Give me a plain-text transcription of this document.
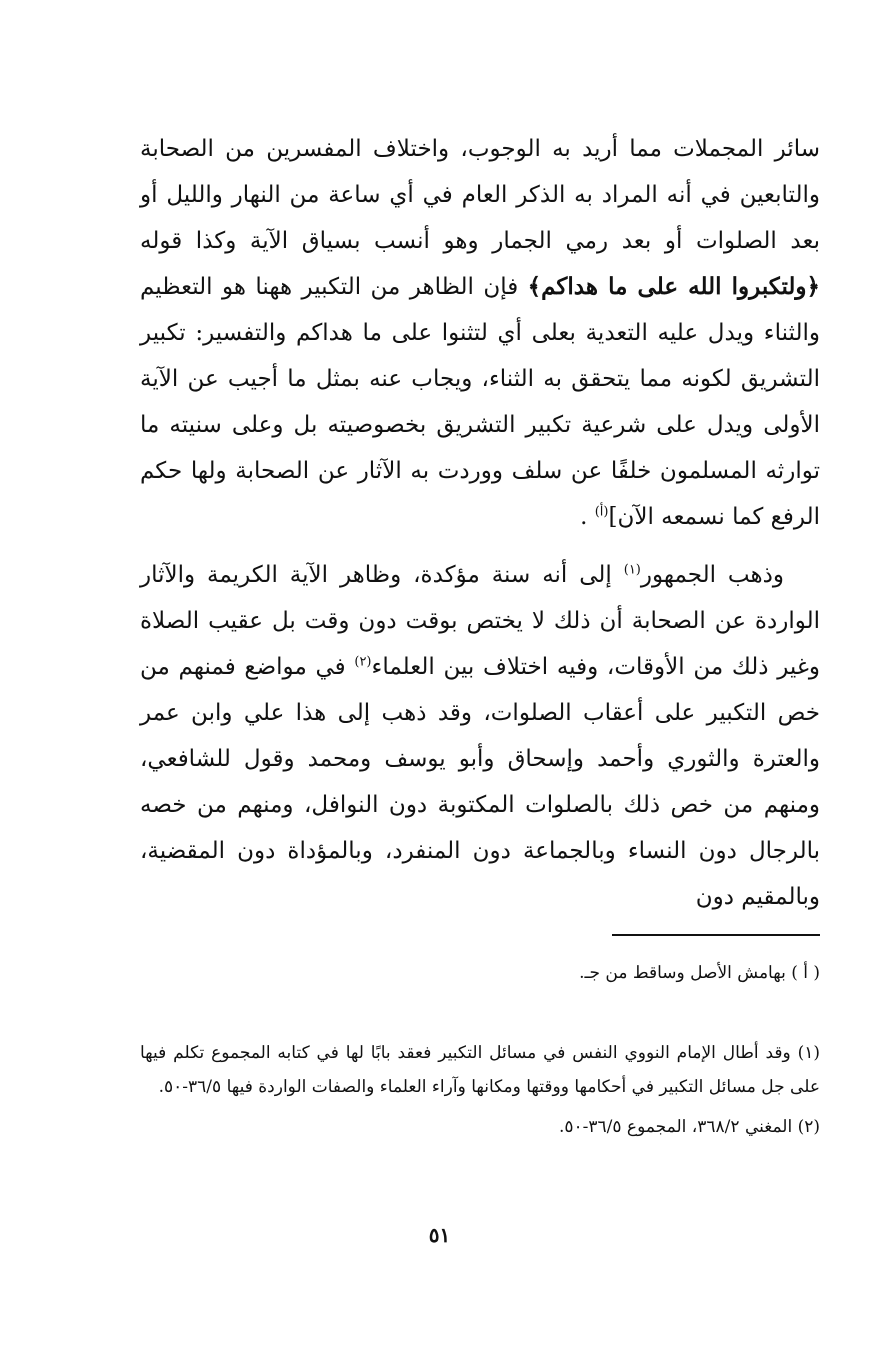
سائر المجملات مما أريد به الوجوب، واختلاف المفسرين من الصحابة والتابعين في أنه المراد به الذكر العام في أي ساعة من النهار والليل أو بعد الصلوات أو بعد رمي الجمار وهو أنسب بسياق الآية وكذا قوله ﴿ولتكبروا الله على ما هداكم﴾ فإن الظاهر من التكبير ههنا هو التعظيم والثناء ويدل عليه التعدية بعلى أي لتثنوا على ما هداكم والتفسير: تكبير التشريق لكونه مما يتحقق به الثناء، ويجاب عنه بمثل ما أجيب عن الآية الأولى ويدل على شرعية تكبير التشريق بخصوصيته بل وعلى سنيته ما توارثه المسلمون خلفًا عن سلف ووردت به الآثار عن الصحابة ولها حكم الرفع كما نسمعه الآن]$^{(أ)}$ .

وذهب الجمهور$^{(١)}$ إلى أنه سنة مؤكدة، وظاهر الآية الكريمة والآثار الواردة عن الصحابة أن ذلك لا يختص بوقت دون وقت بل عقيب الصلاة وغير ذلك من الأوقات، وفيه اختلاف بين العلماء$^{(٢)}$ في مواضع فمنهم من خص التكبير على أعقاب الصلوات، وقد ذهب إلى هذا علي وابن عمر والعترة والثوري وأحمد وإسحاق وأبو يوسف ومحمد وقول للشافعي، ومنهم من خص ذلك بالصلوات المكتوبة دون النوافل، ومنهم من خصه بالرجال دون النساء وبالجماعة دون المنفرد، وبالمؤداة دون المقضية، وبالمقيم دون

( أ ) بهامش الأصل وساقط من جـ.

(١) وقد أطال الإمام النووي النفس في مسائل التكبير فعقد بابًا لها في كتابه المجموع تكلم فيها على جل مسائل التكبير في أحكامها ووقتها ومكانها وآراء العلماء والصفات الواردة فيها ٣٦/٥-٥٠.

(٢) المغني ٣٦٨/٢، المجموع ٣٦/٥-٥٠.

٥١
